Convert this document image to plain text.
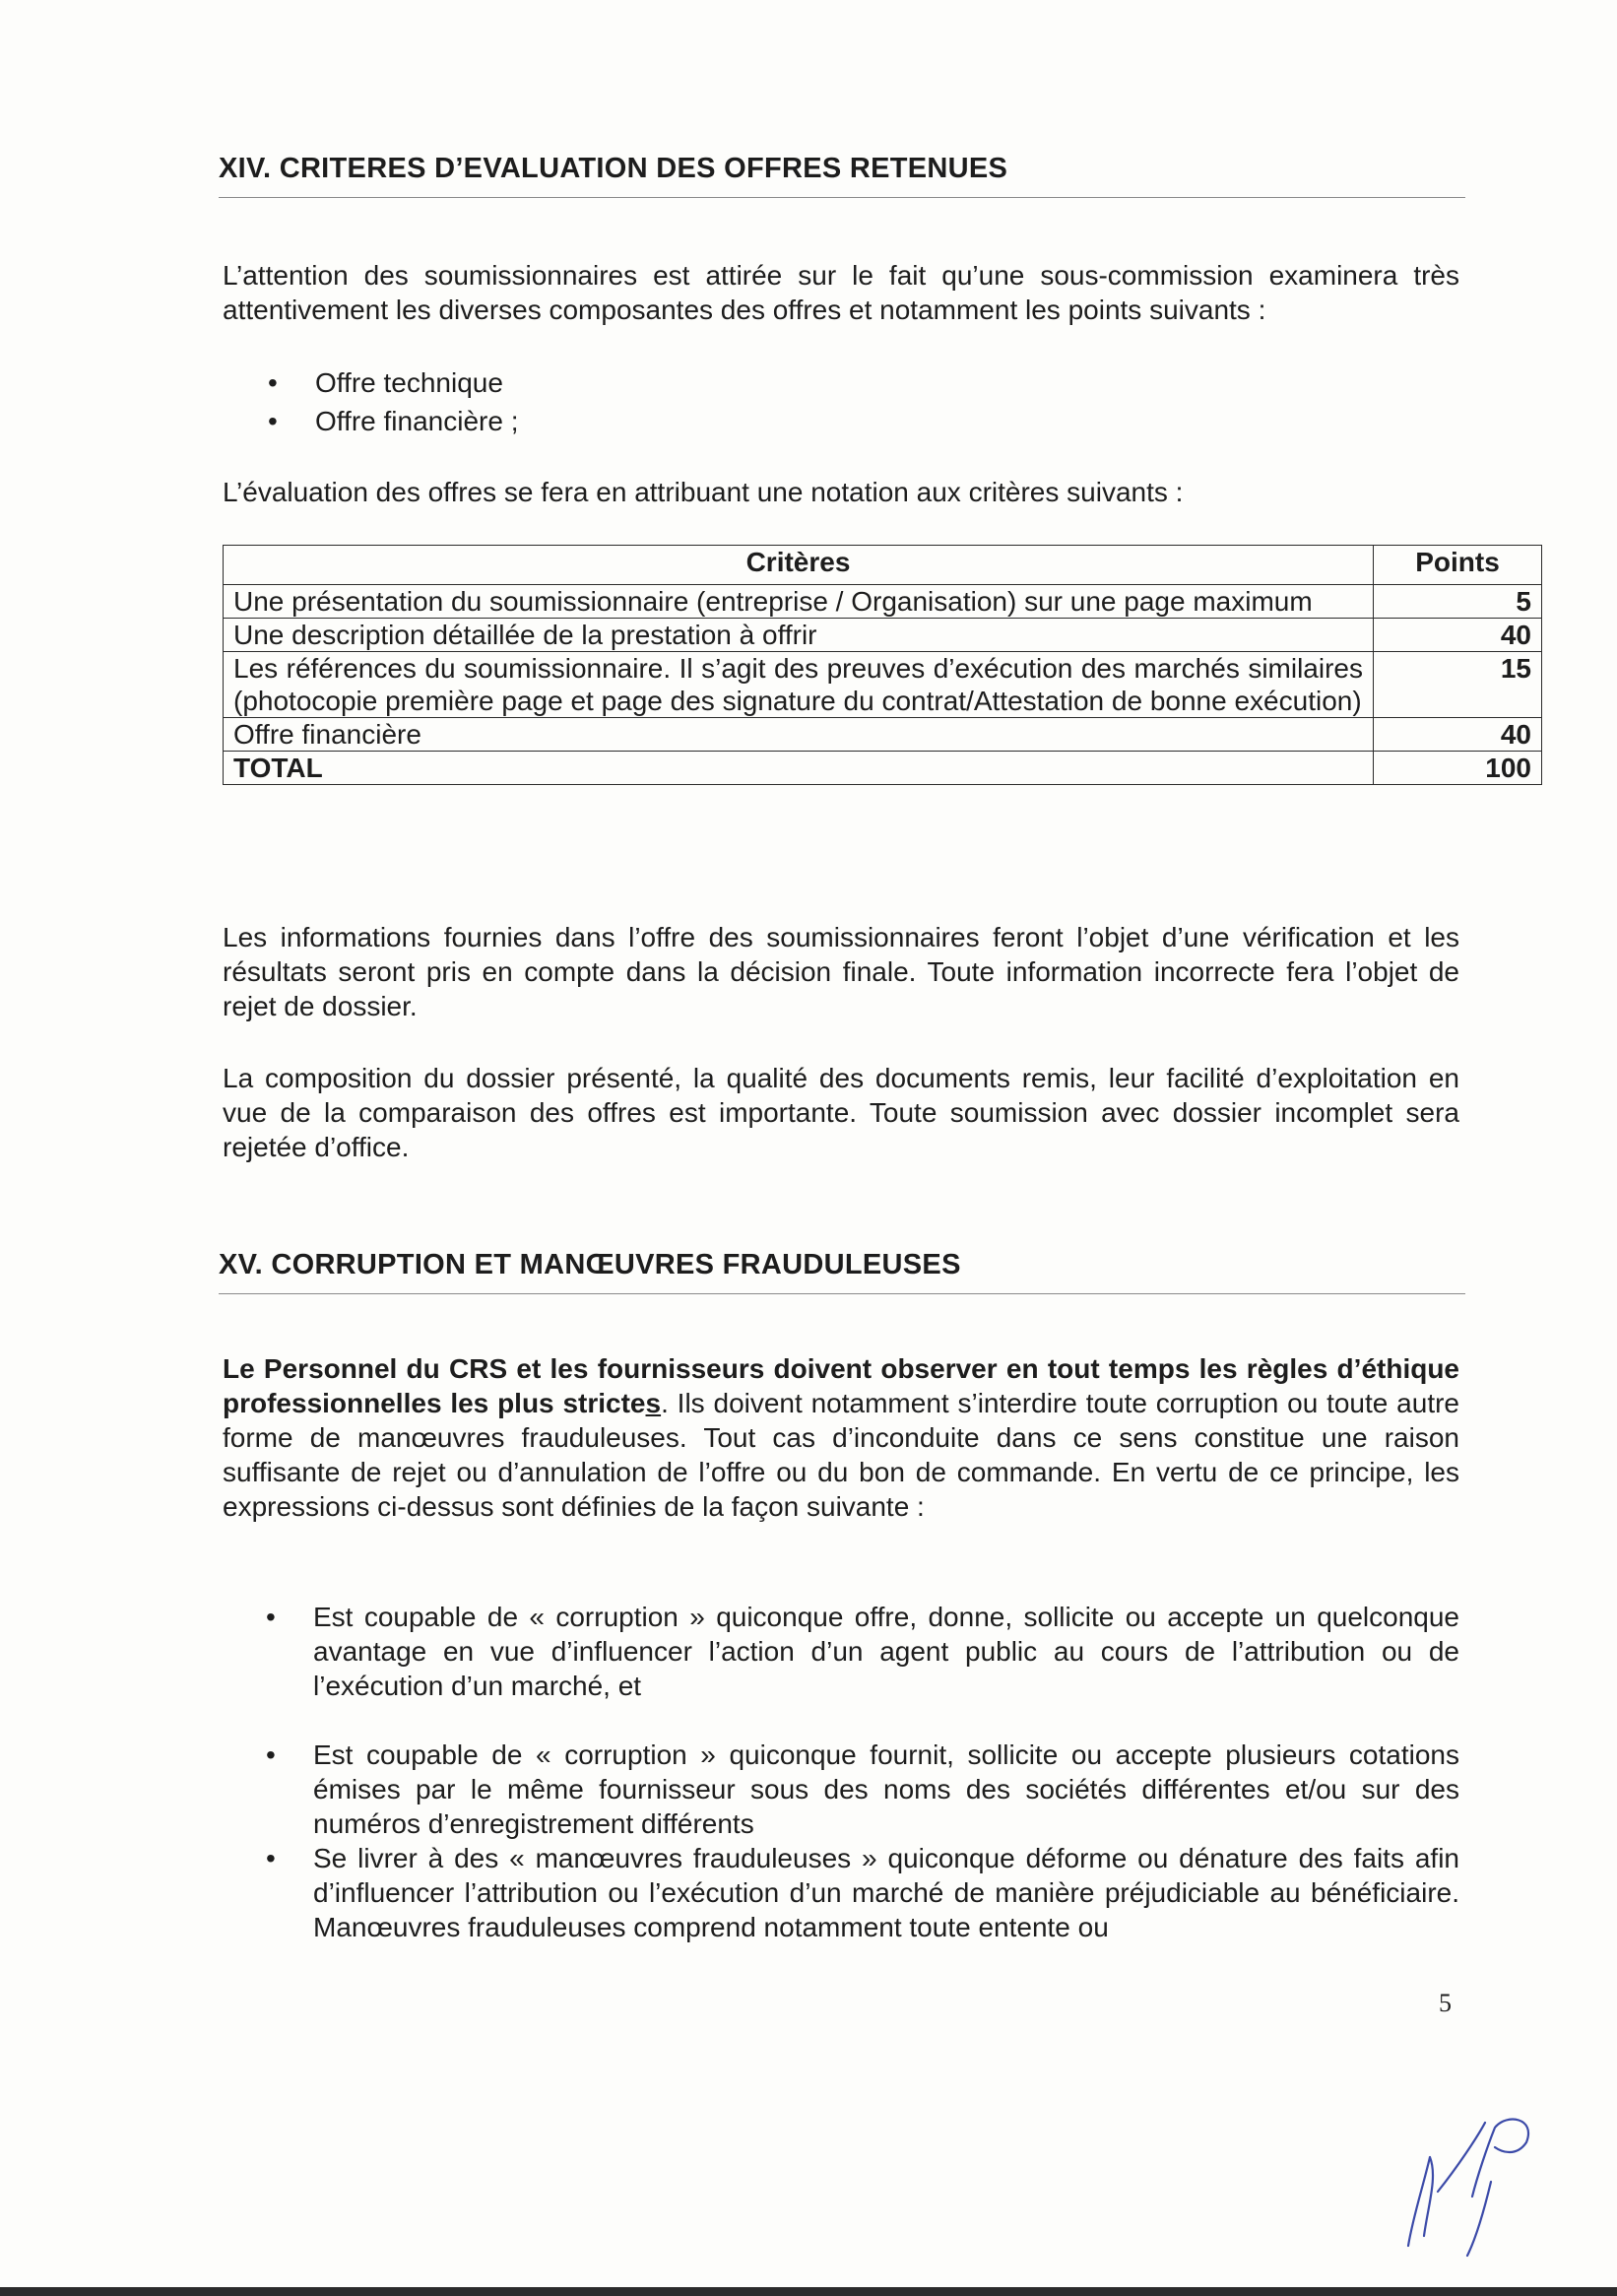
XIV. CRITERES D’EVALUATION DES OFFRES RETENUES

L’attention des soumissionnaires est attirée sur le fait qu’une sous-commission examinera très attentivement les diverses composantes des offres et notamment les points suivants :

• Offre technique
• Offre financière ;

L’évaluation des offres se fera en attribuant une notation aux critères suivants :

Critères	Points
Une présentation du soumissionnaire (entreprise / Organisation) sur une page maximum	5
Une description détaillée de la prestation à offrir	40
Les références du soumissionnaire. Il s’agit des preuves d’exécution des marchés similaires (photocopie première page et page des signature du contrat/Attestation de bonne exécution)	15
Offre financière	40
TOTAL	100

Les informations fournies dans l’offre des soumissionnaires feront l’objet d’une vérification et les résultats seront pris en compte dans la décision finale. Toute information incorrecte fera l’objet de rejet de dossier.

La composition du dossier présenté, la qualité des documents remis, leur facilité d’exploitation en vue de la comparaison des offres est importante. Toute soumission avec dossier incomplet sera rejetée d’office.

XV. CORRUPTION ET MANŒUVRES FRAUDULEUSES

Le Personnel du CRS et les fournisseurs doivent observer en tout temps les règles d’éthique professionnelles les plus strictes. Ils doivent notamment s’interdire toute corruption ou toute autre forme de manœuvres frauduleuses. Tout cas d’inconduite dans ce sens constitue une raison suffisante de rejet ou d’annulation de l’offre ou du bon de commande. En vertu de ce principe, les expressions ci-dessus sont définies de la façon suivante :

• Est coupable de « corruption » quiconque offre, donne, sollicite ou accepte un quelconque avantage en vue d’influencer l’action d’un agent public au cours de l’attribution ou de l’exécution d’un marché, et
• Est coupable de « corruption » quiconque fournit, sollicite ou accepte plusieurs cotations émises par le même fournisseur sous des noms des sociétés différentes et/ou sur des numéros d’enregistrement différents
• Se livrer à des « manœuvres frauduleuses » quiconque déforme ou dénature des faits afin d’influencer l’attribution ou l’exécution d’un marché de manière préjudiciable au bénéficiaire. Manœuvres frauduleuses comprend notamment toute entente ou
5
